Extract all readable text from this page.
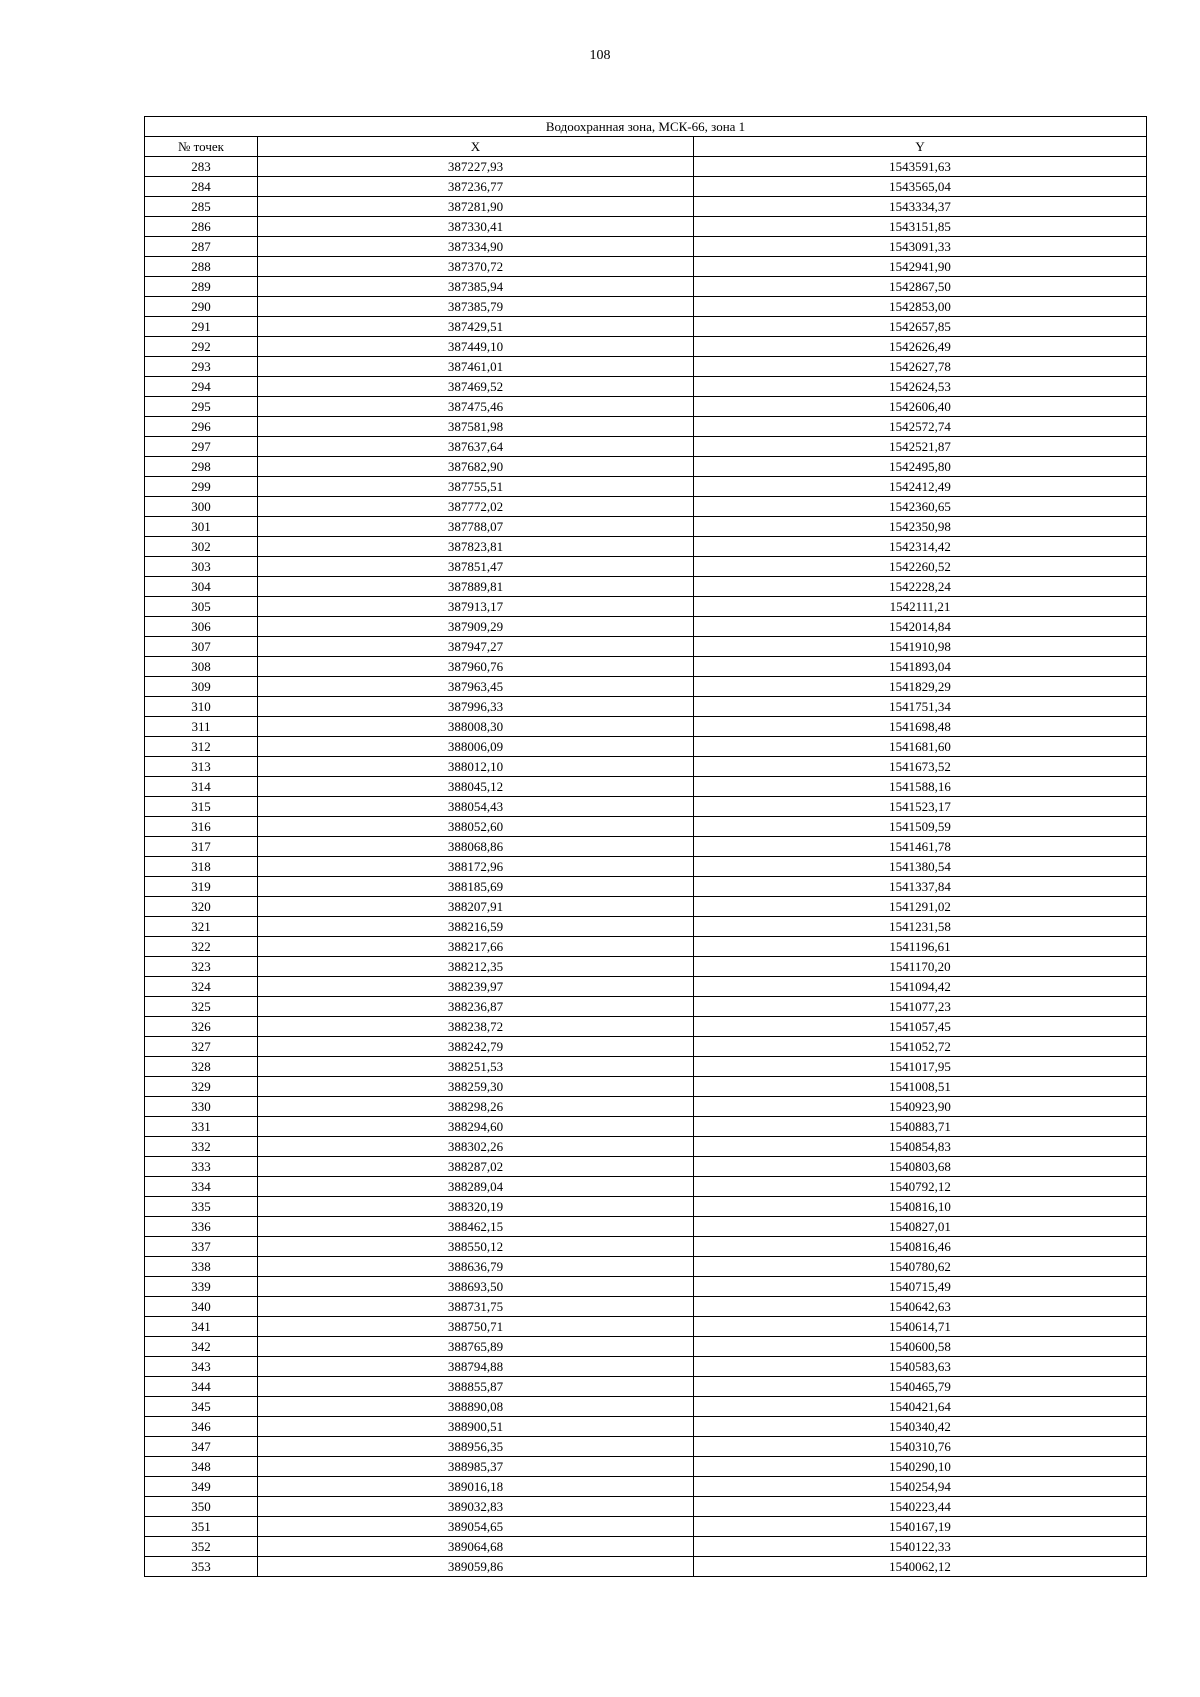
108
Водоохранная зона, МСК-66, зона 1		
№ точек	X	Y
283	387227,93	1543591,63
284	387236,77	1543565,04
285	387281,90	1543334,37
286	387330,41	1543151,85
287	387334,90	1543091,33
288	387370,72	1542941,90
289	387385,94	1542867,50
290	387385,79	1542853,00
291	387429,51	1542657,85
292	387449,10	1542626,49
293	387461,01	1542627,78
294	387469,52	1542624,53
295	387475,46	1542606,40
296	387581,98	1542572,74
297	387637,64	1542521,87
298	387682,90	1542495,80
299	387755,51	1542412,49
300	387772,02	1542360,65
301	387788,07	1542350,98
302	387823,81	1542314,42
303	387851,47	1542260,52
304	387889,81	1542228,24
305	387913,17	1542111,21
306	387909,29	1542014,84
307	387947,27	1541910,98
308	387960,76	1541893,04
309	387963,45	1541829,29
310	387996,33	1541751,34
311	388008,30	1541698,48
312	388006,09	1541681,60
313	388012,10	1541673,52
314	388045,12	1541588,16
315	388054,43	1541523,17
316	388052,60	1541509,59
317	388068,86	1541461,78
318	388172,96	1541380,54
319	388185,69	1541337,84
320	388207,91	1541291,02
321	388216,59	1541231,58
322	388217,66	1541196,61
323	388212,35	1541170,20
324	388239,97	1541094,42
325	388236,87	1541077,23
326	388238,72	1541057,45
327	388242,79	1541052,72
328	388251,53	1541017,95
329	388259,30	1541008,51
330	388298,26	1540923,90
331	388294,60	1540883,71
332	388302,26	1540854,83
333	388287,02	1540803,68
334	388289,04	1540792,12
335	388320,19	1540816,10
336	388462,15	1540827,01
337	388550,12	1540816,46
338	388636,79	1540780,62
339	388693,50	1540715,49
340	388731,75	1540642,63
341	388750,71	1540614,71
342	388765,89	1540600,58
343	388794,88	1540583,63
344	388855,87	1540465,79
345	388890,08	1540421,64
346	388900,51	1540340,42
347	388956,35	1540310,76
348	388985,37	1540290,10
349	389016,18	1540254,94
350	389032,83	1540223,44
351	389054,65	1540167,19
352	389064,68	1540122,33
353	389059,86	1540062,12
